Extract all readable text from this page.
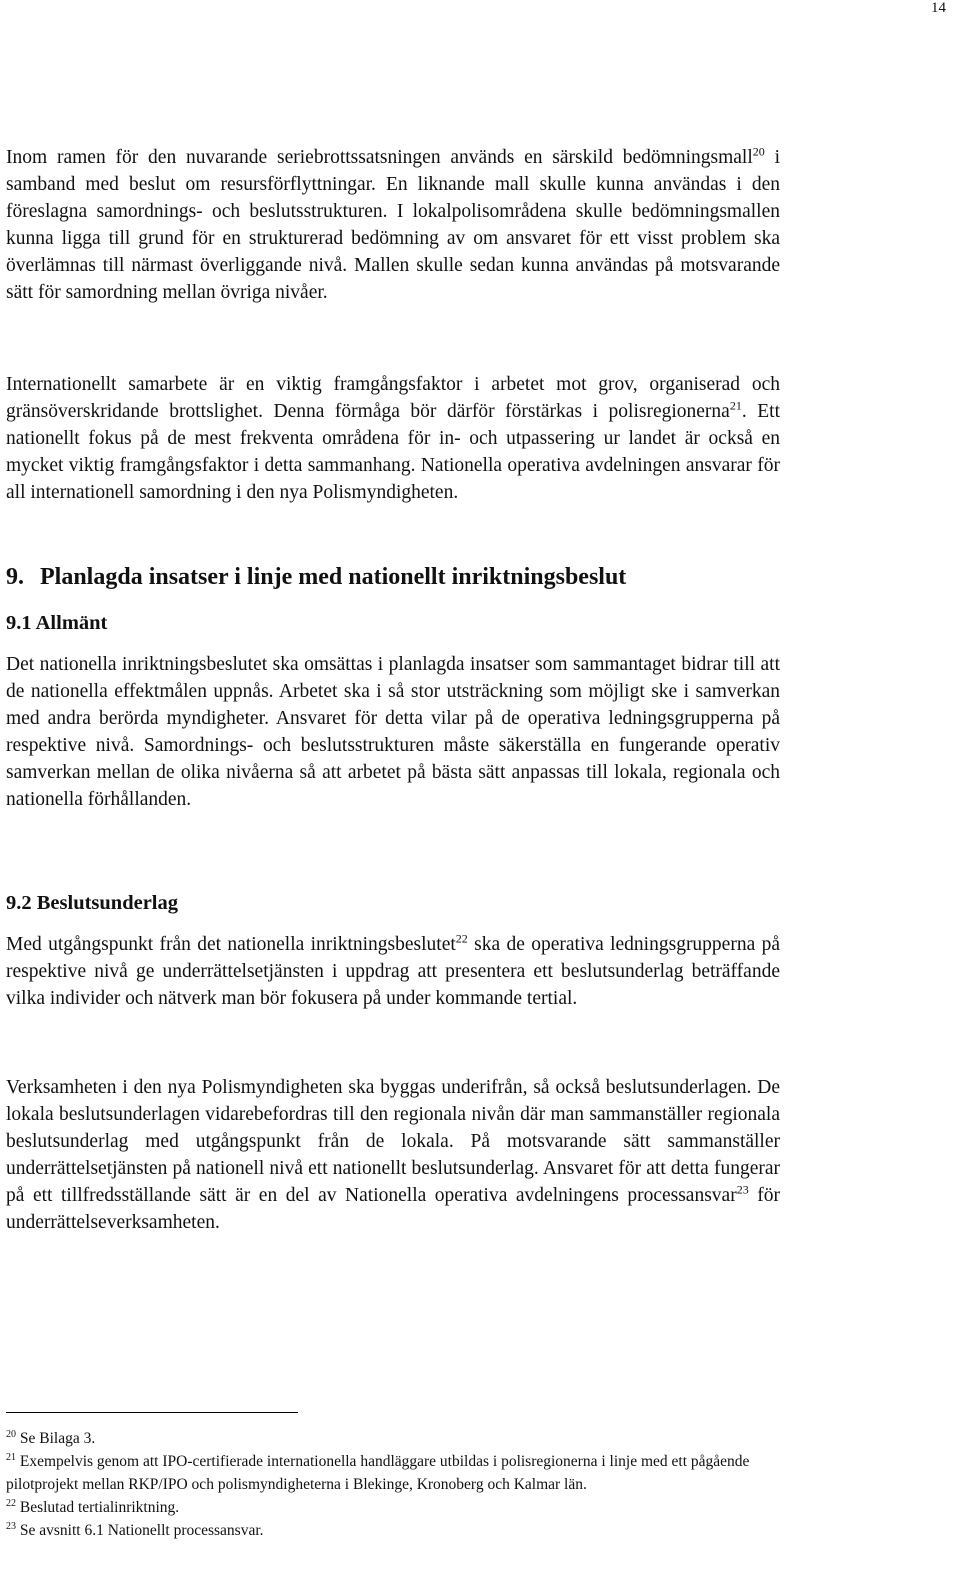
14

Inom ramen för den nuvarande seriebrottssatsningen används en särskild bedömningsmall$^{20}$ i samband med beslut om resursförflyttningar. En liknande mall skulle kunna användas i den föreslagna samordnings- och beslutsstrukturen. I lokalpolisområdena skulle bedömningsmallen kunna ligga till grund för en strukturerad bedömning av om ansvaret för ett visst problem ska överlämnas till närmast överliggande nivå. Mallen skulle sedan kunna användas på motsvarande sätt för samordning mellan övriga nivåer.

Internationellt samarbete är en viktig framgångsfaktor i arbetet mot grov, organiserad och gränsöverskridande brottslighet. Denna förmåga bör därför förstärkas i polisregionerna$^{21}$. Ett nationellt fokus på de mest frekventa områdena för in- och utpassering ur landet är också en mycket viktig framgångsfaktor i detta sammanhang. Nationella operativa avdelningen ansvarar för all internationell samordning i den nya Polismyndigheten.

9. Planlagda insatser i linje med nationellt inriktningsbeslut
9.1 Allmänt

Det nationella inriktningsbeslutet ska omsättas i planlagda insatser som sammantaget bidrar till att de nationella effektmålen uppnås. Arbetet ska i så stor utsträckning som möjligt ske i samverkan med andra berörda myndigheter. Ansvaret för detta vilar på de operativa ledningsgrupperna på respektive nivå. Samordnings- och beslutsstrukturen måste säkerställa en fungerande operativ samverkan mellan de olika nivåerna så att arbetet på bästa sätt anpassas till lokala, regionala och nationella förhållanden.

9.2 Beslutsunderlag

Med utgångspunkt från det nationella inriktningsbeslutet$^{22}$ ska de operativa ledningsgrupperna på respektive nivå ge underrättelsetjänsten i uppdrag att presentera ett beslutsunderlag beträffande vilka individer och nätverk man bör fokusera på under kommande tertial.

Verksamheten i den nya Polismyndigheten ska byggas underifrån, så också beslutsunderlagen. De lokala beslutsunderlagen vidarebefordras till den regionala nivån där man sammanställer regionala beslutsunderlag med utgångspunkt från de lokala. På motsvarande sätt sammanställer underrättelsetjänsten på nationell nivå ett nationellt beslutsunderlag. Ansvaret för att detta fungerar på ett tillfredsställande sätt är en del av Nationella operativa avdelningens processansvar$^{23}$ för underrättelseverksamheten.

$^{20}$ Se Bilaga 3.

$^{21}$ Exempelvis genom att IPO-certifierade internationella handläggare utbildas i polisregionerna i linje med ett pågående pilotprojekt mellan RKP/IPO och polismyndigheterna i Blekinge, Kronoberg och Kalmar län.

$^{22}$ Beslutad tertialinriktning.

$^{23}$ Se avsnitt 6.1 Nationellt processansvar.
